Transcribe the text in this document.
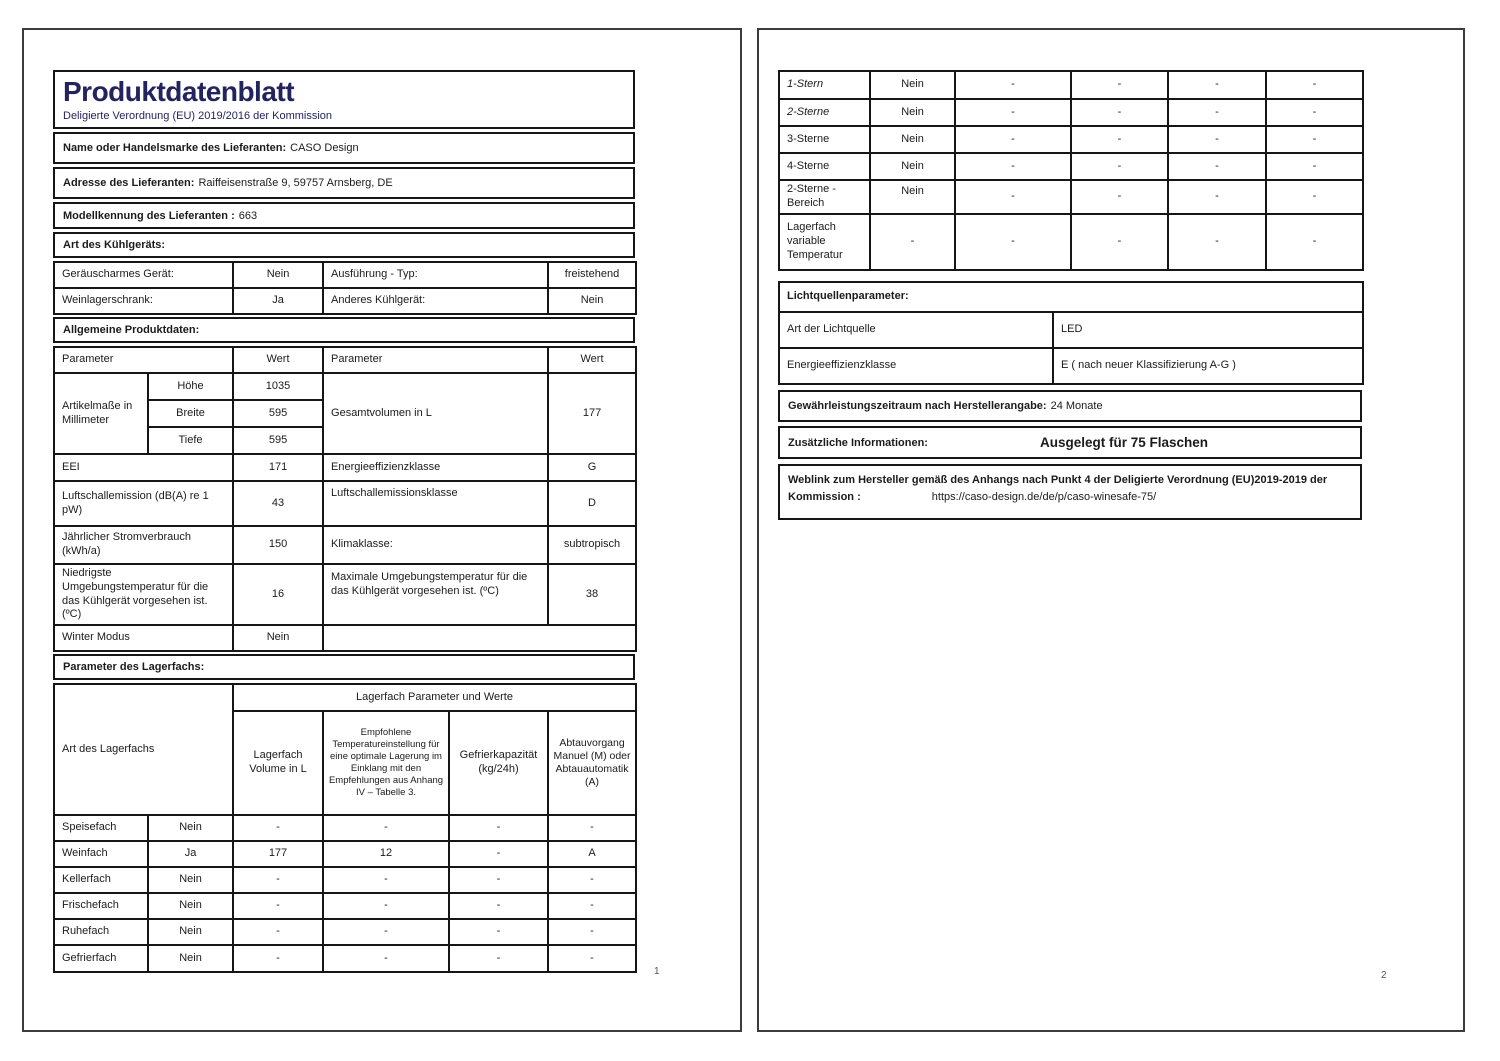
Produktdatenblatt
Deligierte Verordnung (EU) 2019/2016 der Kommission
Name oder Handelsmarke des Lieferanten: CASO Design
Adresse des Lieferanten: Raiffeisenstraße 9, 59757 Arnsberg, DE
Modellkennung des Lieferanten : 663
Art des Kühlgeräts:
Geräuscharmes Gerät:	Nein	Ausführung - Typ:	freistehend
Weinlagerschrank:	Ja	Anderes Kühlgerät:	Nein
Allgemeine Produktdaten:
Parameter		Wert	Parameter	Wert
Artikelmaße in Millimeter	Höhe	1035	Gesamtvolumen in L	177
	Breite	595		
	Tiefe	595		
EEI		171	Energieeffizienzklasse	G
Luftschallemission (dB(A) re 1 pW)		43	Luftschallemissionsklasse	D
Jährlicher Stromverbrauch (kWh/a)		150	Klimaklasse:	subtropisch
Niedrigste Umgebungstemperatur für die das Kühlgerät vorgesehen ist. (ºC)		16	Maximale Umgebungstemperatur für die das Kühlgerät vorgesehen ist. (ºC)	38
Winter Modus		Nein		
Parameter des Lagerfachs:
Art des Lagerfachs		Lagerfach Parameter und Werte			
		Lagerfach Volume in L	Empfohlene Temperatureinstellung für eine optimale Lagerung im Einklang mit den Empfehlungen aus Anhang IV – Tabelle 3.	Gefrierkapazität (kg/24h)	Abtauvorgang Manuel (M) oder Abtauautomatik (A)
Speisefach	Nein	-	-	-	-
Weinfach	Ja	177	12	-	A
Kellerfach	Nein	-	-	-	-
Frischefach	Nein	-	-	-	-
Ruhefach	Nein	-	-	-	-
Gefrierfach	Nein	-	-	-	-
1
1-Stern	Nein	-	-	-	-
2-Sterne	Nein	-	-	-	-
3-Sterne	Nein	-	-	-	-
4-Sterne	Nein	-	-	-	-
2-Sterne - Bereich	Nein	-	-	-	-
Lagerfach variable Temperatur	-	-	-	-	-
Lichtquellenparameter:	
Art der Lichtquelle	LED
Energieeffizienzklasse	E ( nach neuer Klassifizierung A-G )
Gewährleistungszeitraum nach Herstellerangabe: 24 Monate
Zusätzliche Informationen:	Ausgelegt für 75 Flaschen
Weblink zum Hersteller gemäß des Anhangs nach Punkt 4 der Deligierte Verordnung (EU)2019-2019 der Kommission :	https://caso-design.de/de/p/caso-winesafe-75/
2
